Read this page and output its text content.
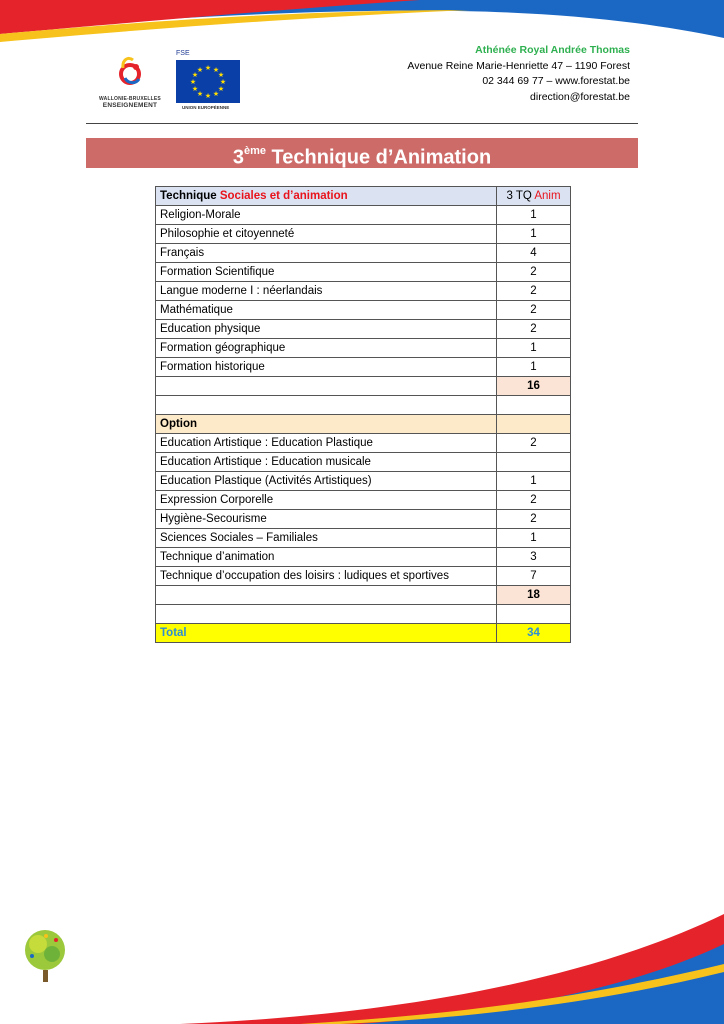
WALLONIE-BRUXELLES
ENSEIGNEMENT
FSE
★ ★
★
★
★
★
★
★
★
★
★
★
UNION EUROPÉENNE
Athénée Royal Andrée Thomas
Avenue Reine Marie-Henriette 47 – 1190 Forest
02 344 69 77 – www.forestat.be
direction@forestat.be
3ème Technique d’Animation
Technique Sociales et d’animation	3 TQ Anim
Religion-Morale	1
Philosophie et citoyenneté	1
Français	4
Formation Scientifique	2
Langue moderne I : néerlandais	2
Mathématique	2
Education physique	2
Formation géographique	1
Formation historique	1
	16

Option	
Education Artistique : Education Plastique	2
Education Artistique : Education musicale	
Education Plastique (Activités Artistiques)	1
Expression Corporelle	2
Hygiène-Secourisme	2
Sciences Sociales – Familiales	1
Technique d’animation	3
Technique d’occupation des loisirs : ludiques et sportives	7
	18

Total	34
